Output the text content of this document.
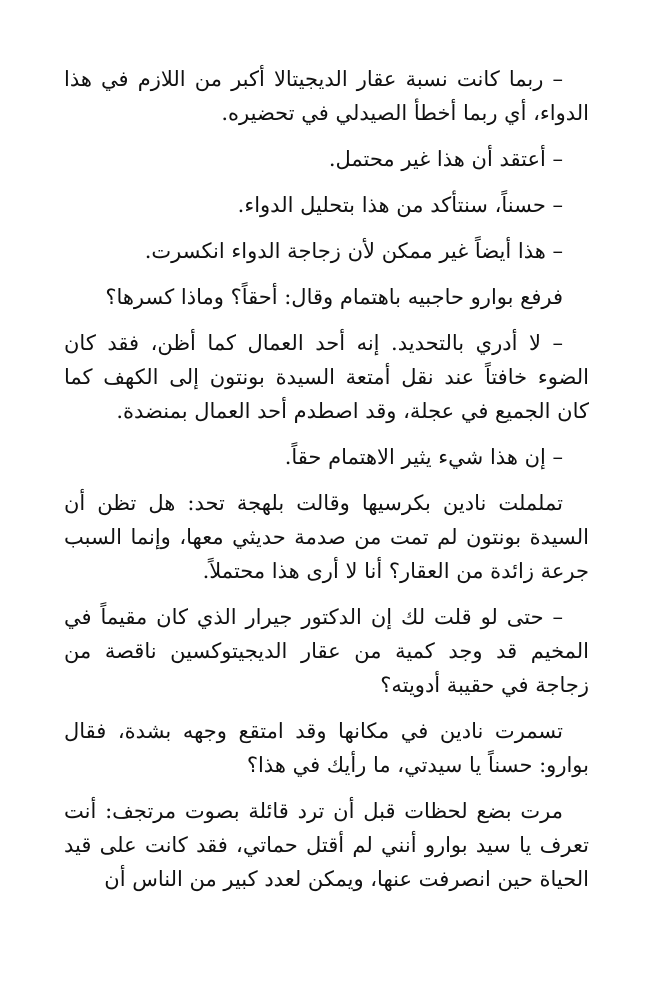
– ربما كانت نسبة عقار الديجيتالا أكبر من اللازم في هذا الدواء، أي ربما أخطأ الصيدلي في تحضيره.

– أعتقد أن هذا غير محتمل.

– حسناً، سنتأكد من هذا بتحليل الدواء.

– هذا أيضاً غير ممكن لأن زجاجة الدواء انكسرت.

فرفع بوارو حاجبيه باهتمام وقال: أحقاً؟ وماذا كسرها؟

– لا أدري بالتحديد. إنه أحد العمال كما أظن، فقد كان الضوء خافتاً عند نقل أمتعة السيدة بونتون إلى الكهف كما كان الجميع في عجلة، وقد اصطدم أحد العمال بمنضدة.

– إن هذا شيء يثير الاهتمام حقاً.

تململت نادين بكرسيها وقالت بلهجة تحد: هل تظن أن السيدة بونتون لم تمت من صدمة حديثي معها، وإنما السبب جرعة زائدة من العقار؟ أنا لا أرى هذا محتملاً.

– حتى لو قلت لك إن الدكتور جيرار الذي كان مقيماً في المخيم قد وجد كمية من عقار الديجيتوكسين ناقصة من زجاجة في حقيبة أدويته؟

تسمرت نادين في مكانها وقد امتقع وجهه بشدة، فقال بوارو: حسناً يا سيدتي، ما رأيك في هذا؟

مرت بضع لحظات قبل أن ترد قائلة بصوت مرتجف: أنت تعرف يا سيد بوارو أنني لم أقتل حماتي، فقد كانت على قيد الحياة حين انصرفت عنها، ويمكن لعدد كبير من الناس أن
